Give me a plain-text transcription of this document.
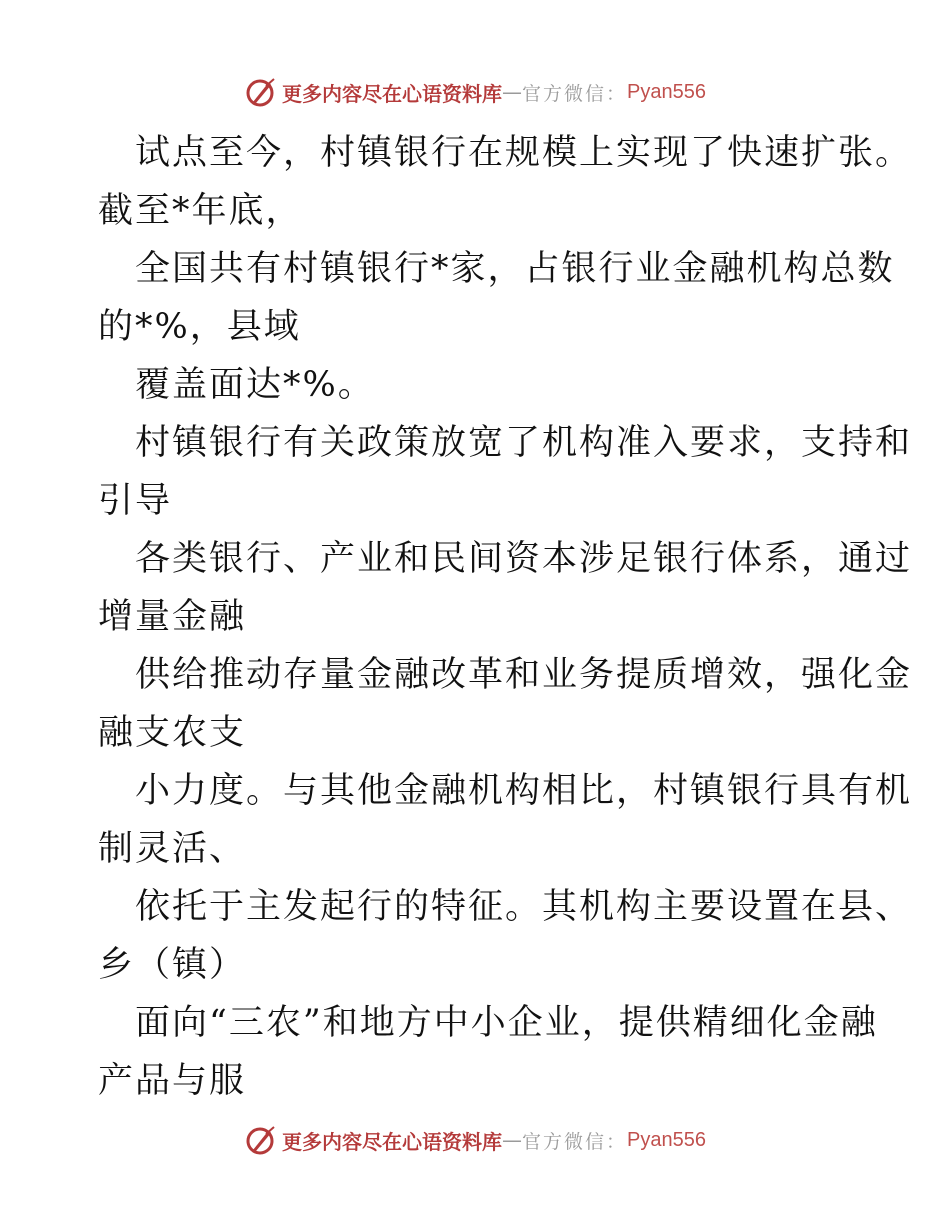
更多内容尽在心语资料库 — 官方微信： Pyan556
试点至今，村镇银行在规模上实现了快速扩张。
截至*年底，
全国共有村镇银行*家，占银行业金融机构总数
的*%，县域
覆盖面达*%。
村镇银行有关政策放宽了机构准入要求，支持和
引导
各类银行、产业和民间资本涉足银行体系，通过
增量金融
供给推动存量金融改革和业务提质增效，强化金
融支农支
小力度。与其他金融机构相比，村镇银行具有机
制灵活、
依托于主发起行的特征。其机构主要设置在县、
乡（镇）
面向“三农”和地方中小企业，提供精细化金融
产品与服
更多内容尽在心语资料库 — 官方微信： Pyan556
